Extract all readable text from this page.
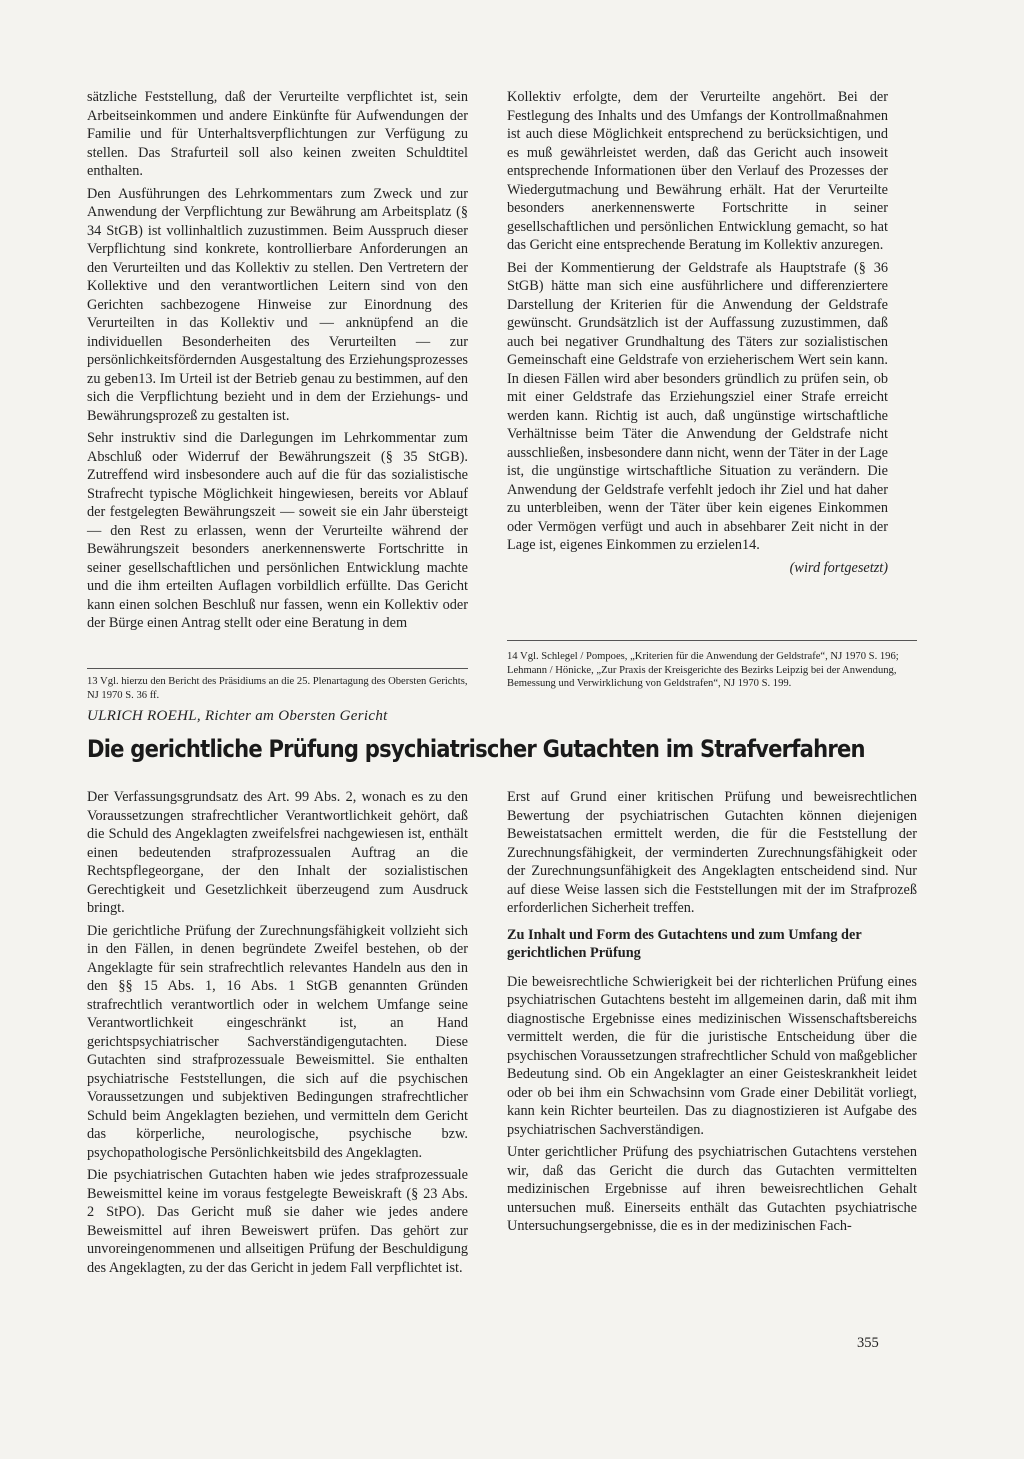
sätzliche Feststellung, daß der Verurteilte verpflichtet ist, sein Arbeitseinkommen und andere Einkünfte für Aufwendungen der Familie und für Unterhaltsverpflichtungen zur Verfügung zu stellen. Das Strafurteil soll also keinen zweiten Schuldtitel enthalten.

Den Ausführungen des Lehrkommentars zum Zweck und zur Anwendung der Verpflichtung zur Bewährung am Arbeitsplatz (§ 34 StGB) ist vollinhaltlich zuzustimmen. Beim Ausspruch dieser Verpflichtung sind konkrete, kontrollierbare Anforderungen an den Verurteilten und das Kollektiv zu stellen. Den Vertretern der Kollektive und den verantwortlichen Leitern sind von den Gerichten sachbezogene Hinweise zur Einordnung des Verurteilten in das Kollektiv und — anknüpfend an die individuellen Besonderheiten des Verurteilten — zur persönlichkeitsfördernden Ausgestaltung des Erziehungsprozesses zu geben13. Im Urteil ist der Betrieb genau zu bestimmen, auf den sich die Verpflichtung bezieht und in dem der Erziehungs- und Bewährungsprozeß zu gestalten ist.

Sehr instruktiv sind die Darlegungen im Lehrkommentar zum Abschluß oder Widerruf der Bewährungszeit (§ 35 StGB). Zutreffend wird insbesondere auch auf die für das sozialistische Strafrecht typische Möglichkeit hingewiesen, bereits vor Ablauf der festgelegten Bewährungszeit — soweit sie ein Jahr übersteigt — den Rest zu erlassen, wenn der Verurteilte während der Bewährungszeit besonders anerkennenswerte Fortschritte in seiner gesellschaftlichen und persönlichen Entwicklung machte und die ihm erteilten Auflagen vorbildlich erfüllte. Das Gericht kann einen solchen Beschluß nur fassen, wenn ein Kollektiv oder der Bürge einen Antrag stellt oder eine Beratung in dem

13 Vgl. hierzu den Bericht des Präsidiums an die 25. Plenartagung des Obersten Gerichts, NJ 1970 S. 36 ff.

Kollektiv erfolgte, dem der Verurteilte angehört. Bei der Festlegung des Inhalts und des Umfangs der Kontrollmaßnahmen ist auch diese Möglichkeit entsprechend zu berücksichtigen, und es muß gewährleistet werden, daß das Gericht auch insoweit entsprechende Informationen über den Verlauf des Prozesses der Wiedergutmachung und Bewährung erhält. Hat der Verurteilte besonders anerkennenswerte Fortschritte in seiner gesellschaftlichen und persönlichen Entwicklung gemacht, so hat das Gericht eine entsprechende Beratung im Kollektiv anzuregen.

Bei der Kommentierung der Geldstrafe als Hauptstrafe (§ 36 StGB) hätte man sich eine ausführlichere und differenziertere Darstellung der Kriterien für die Anwendung der Geldstrafe gewünscht. Grundsätzlich ist der Auffassung zuzustimmen, daß auch bei negativer Grundhaltung des Täters zur sozialistischen Gemeinschaft eine Geldstrafe von erzieherischem Wert sein kann. In diesen Fällen wird aber besonders gründlich zu prüfen sein, ob mit einer Geldstrafe das Erziehungsziel einer Strafe erreicht werden kann. Richtig ist auch, daß ungünstige wirtschaftliche Verhältnisse beim Täter die Anwendung der Geldstrafe nicht ausschließen, insbesondere dann nicht, wenn der Täter in der Lage ist, die ungünstige wirtschaftliche Situation zu verändern. Die Anwendung der Geldstrafe verfehlt jedoch ihr Ziel und hat daher zu unterbleiben, wenn der Täter über kein eigenes Einkommen oder Vermögen verfügt und auch in absehbarer Zeit nicht in der Lage ist, eigenes Einkommen zu erzielen14.

(wird fortgesetzt)

14 Vgl. Schlegel / Pompoes, „Kriterien für die Anwendung der Geldstrafe“, NJ 1970 S. 196; Lehmann / Hönicke, „Zur Praxis der Kreisgerichte des Bezirks Leipzig bei der Anwendung, Bemessung und Verwirklichung von Geldstrafen“, NJ 1970 S. 199.

ULRICH ROEHL, Richter am Obersten Gericht
Die gerichtliche Prüfung psychiatrischer Gutachten im Strafverfahren

Der Verfassungsgrundsatz des Art. 99 Abs. 2, wonach es zu den Voraussetzungen strafrechtlicher Verantwortlichkeit gehört, daß die Schuld des Angeklagten zweifelsfrei nachgewiesen ist, enthält einen bedeutenden strafprozessualen Auftrag an die Rechtspflegeorgane, der den Inhalt der sozialistischen Gerechtigkeit und Gesetzlichkeit überzeugend zum Ausdruck bringt.

Die gerichtliche Prüfung der Zurechnungsfähigkeit vollzieht sich in den Fällen, in denen begründete Zweifel bestehen, ob der Angeklagte für sein strafrechtlich relevantes Handeln aus den in den §§ 15 Abs. 1, 16 Abs. 1 StGB genannten Gründen strafrechtlich verantwortlich oder in welchem Umfange seine Verantwortlichkeit eingeschränkt ist, an Hand gerichtspsychiatrischer Sachverständigengutachten. Diese Gutachten sind strafprozessuale Beweismittel. Sie enthalten psychiatrische Feststellungen, die sich auf die psychischen Voraussetzungen und subjektiven Bedingungen strafrechtlicher Schuld beim Angeklagten beziehen, und vermitteln dem Gericht das körperliche, neurologische, psychische bzw. psychopathologische Persönlichkeitsbild des Angeklagten.

Die psychiatrischen Gutachten haben wie jedes strafprozessuale Beweismittel keine im voraus festgelegte Beweiskraft (§ 23 Abs. 2 StPO). Das Gericht muß sie daher wie jedes andere Beweismittel auf ihren Beweiswert prüfen. Das gehört zur unvoreingenommenen und allseitigen Prüfung der Beschuldigung des Angeklagten, zu der das Gericht in jedem Fall verpflichtet ist.

Erst auf Grund einer kritischen Prüfung und beweisrechtlichen Bewertung der psychiatrischen Gutachten können diejenigen Beweistatsachen ermittelt werden, die für die Feststellung der Zurechnungsfähigkeit, der verminderten Zurechnungsfähigkeit oder der Zurechnungsunfähigkeit des Angeklagten entscheidend sind. Nur auf diese Weise lassen sich die Feststellungen mit der im Strafprozeß erforderlichen Sicherheit treffen.

Zu Inhalt und Form des Gutachtens und zum Umfang der gerichtlichen Prüfung

Die beweisrechtliche Schwierigkeit bei der richterlichen Prüfung eines psychiatrischen Gutachtens besteht im allgemeinen darin, daß mit ihm diagnostische Ergebnisse eines medizinischen Wissenschaftsbereichs vermittelt werden, die für die juristische Entscheidung über die psychischen Voraussetzungen strafrechtlicher Schuld von maßgeblicher Bedeutung sind. Ob ein Angeklagter an einer Geisteskrankheit leidet oder ob bei ihm ein Schwachsinn vom Grade einer Debilität vorliegt, kann kein Richter beurteilen. Das zu diagnostizieren ist Aufgabe des psychiatrischen Sachverständigen.

Unter gerichtlicher Prüfung des psychiatrischen Gutachtens verstehen wir, daß das Gericht die durch das Gutachten vermittelten medizinischen Ergebnisse auf ihren beweisrechtlichen Gehalt untersuchen muß. Einerseits enthält das Gutachten psychiatrische Untersuchungsergebnisse, die es in der medizinischen Fach-

355
